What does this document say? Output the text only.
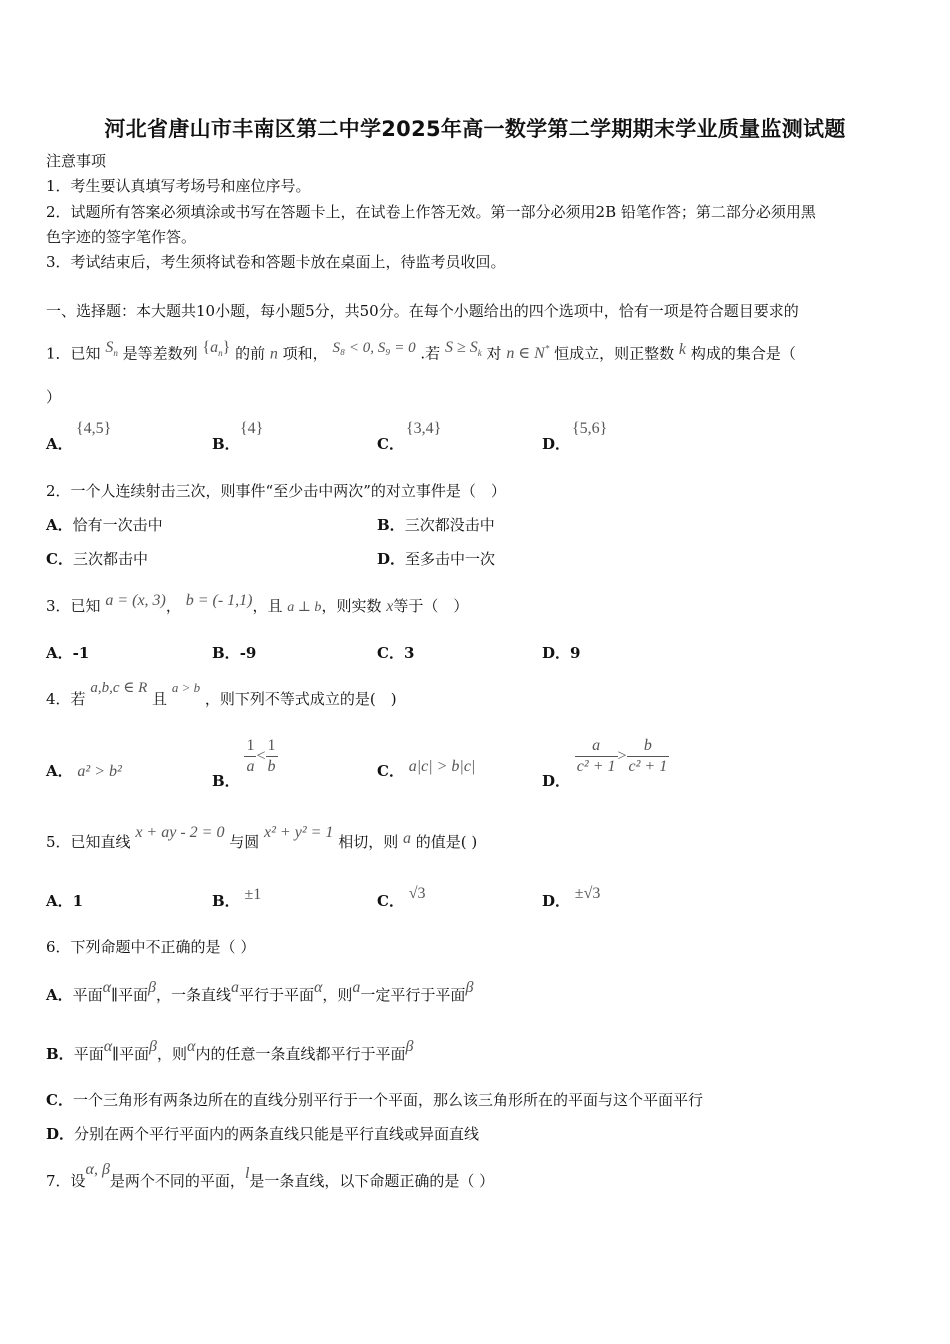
河北省唐山市丰南区第二中学2025年高一数学第二学期期末学业质量监测试题
注意事项
1．考生要认真填写考场号和座位序号。
2．试题所有答案必须填涂或书写在答题卡上，在试卷上作答无效。第一部分必须用2B 铅笔作答；第二部分必须用黑
色字迹的签字笔作答。
3．考试结束后，考生须将试卷和答题卡放在桌面上，待监考员收回。
一、选择题：本大题共10小题，每小题5分，共50分。在每个小题给出的四个选项中，恰有一项是符合题目要求的
1．已知 $S_n$ 是等差数列 $\{a_n\}$ 的前 n 项和， S₈ < 0, S₉ = 0 .若 $S \ge S_k$ 对 n ∈ N* 恒成立，则正整数 k 构成的集合是（
）
A．
{4,5}
B．
{4}
C．
{3,4}
D．
{5,6}
2．一个人连续射击三次，则事件“至少击中两次”的对立事件是（　）
A．恰有一次击中	B．三次都没击中
C．三次都击中	D．至多击中一次
3．已知 a = (x, 3)， b = (- 1,1)，且 a ⊥ b，则实数 x等于（　）
A．-1	B．-9	C．3	D．9
4．若 a,b,c ∈ R 且 a > b ，则下列不等式成立的是(　)
A． a² > b²	B．
$\frac{1}{a} < \frac{1}{b}$	C． a|c| > b|c|
D．
$\frac{a}{\text{c² + 1}} > \frac{b}{\text{c² + 1}}$
5．已知直线 x + ay - 2 = 0 与圆 x² + y² = 1 相切，则 a 的值是( )
A．1	B． ±1	C． √3	D． ±√3
6．下列命题中不正确的是（ ）
A．平面α∥平面β，一条直线a平行于平面α，则a一定平行于平面β
B．平面α∥平面β，则α内的任意一条直线都平行于平面β
C．一个三角形有两条边所在的直线分别平行于一个平面，那么该三角形所在的平面与这个平面平行
D．分别在两个平行平面内的两条直线只能是平行直线或异面直线
7．设α, β是两个不同的平面，l是一条直线，以下命题正确的是（ ）
